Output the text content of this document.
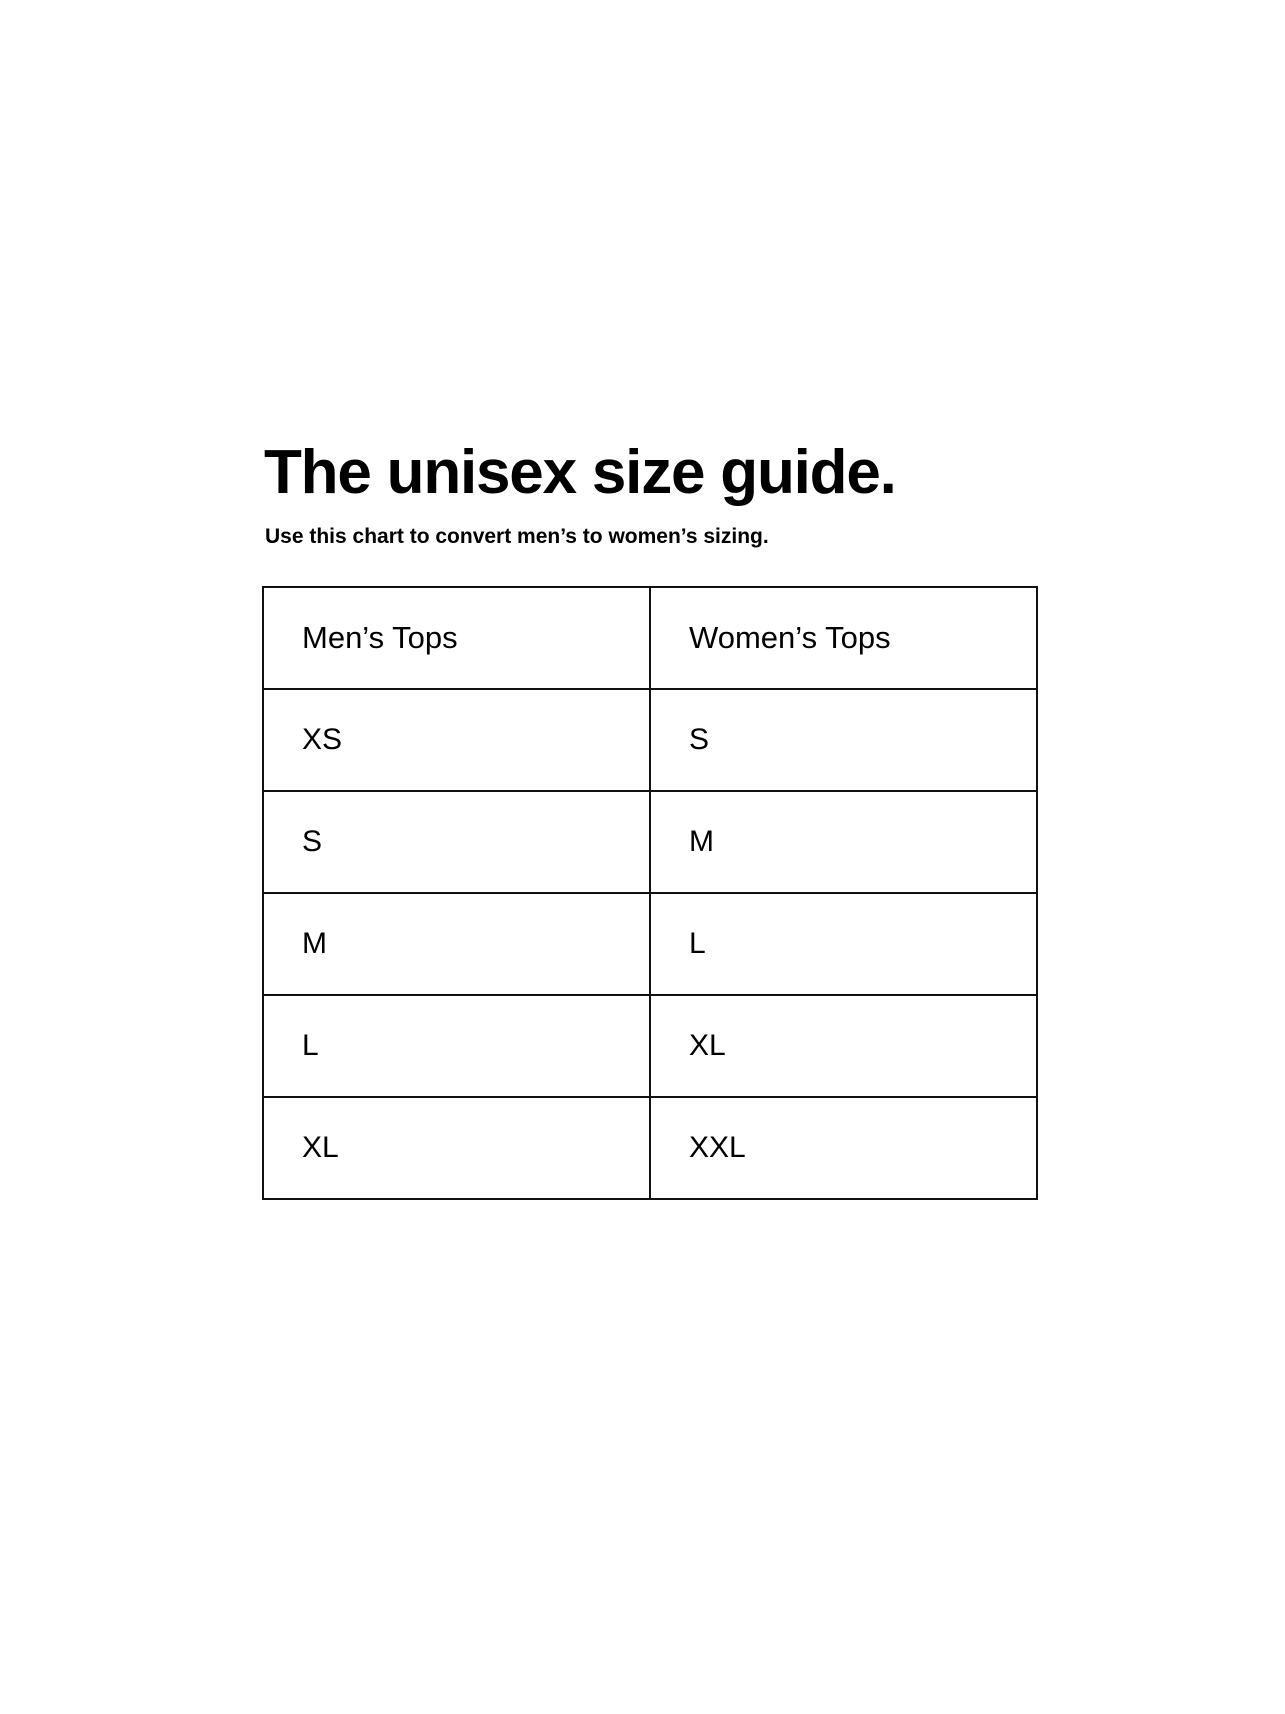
The unisex size guide.

Use this chart to convert men’s to women’s sizing.

Men’s Tops	Women’s Tops
XS	S
S	M
M	L
L	XL
XL	XXL
